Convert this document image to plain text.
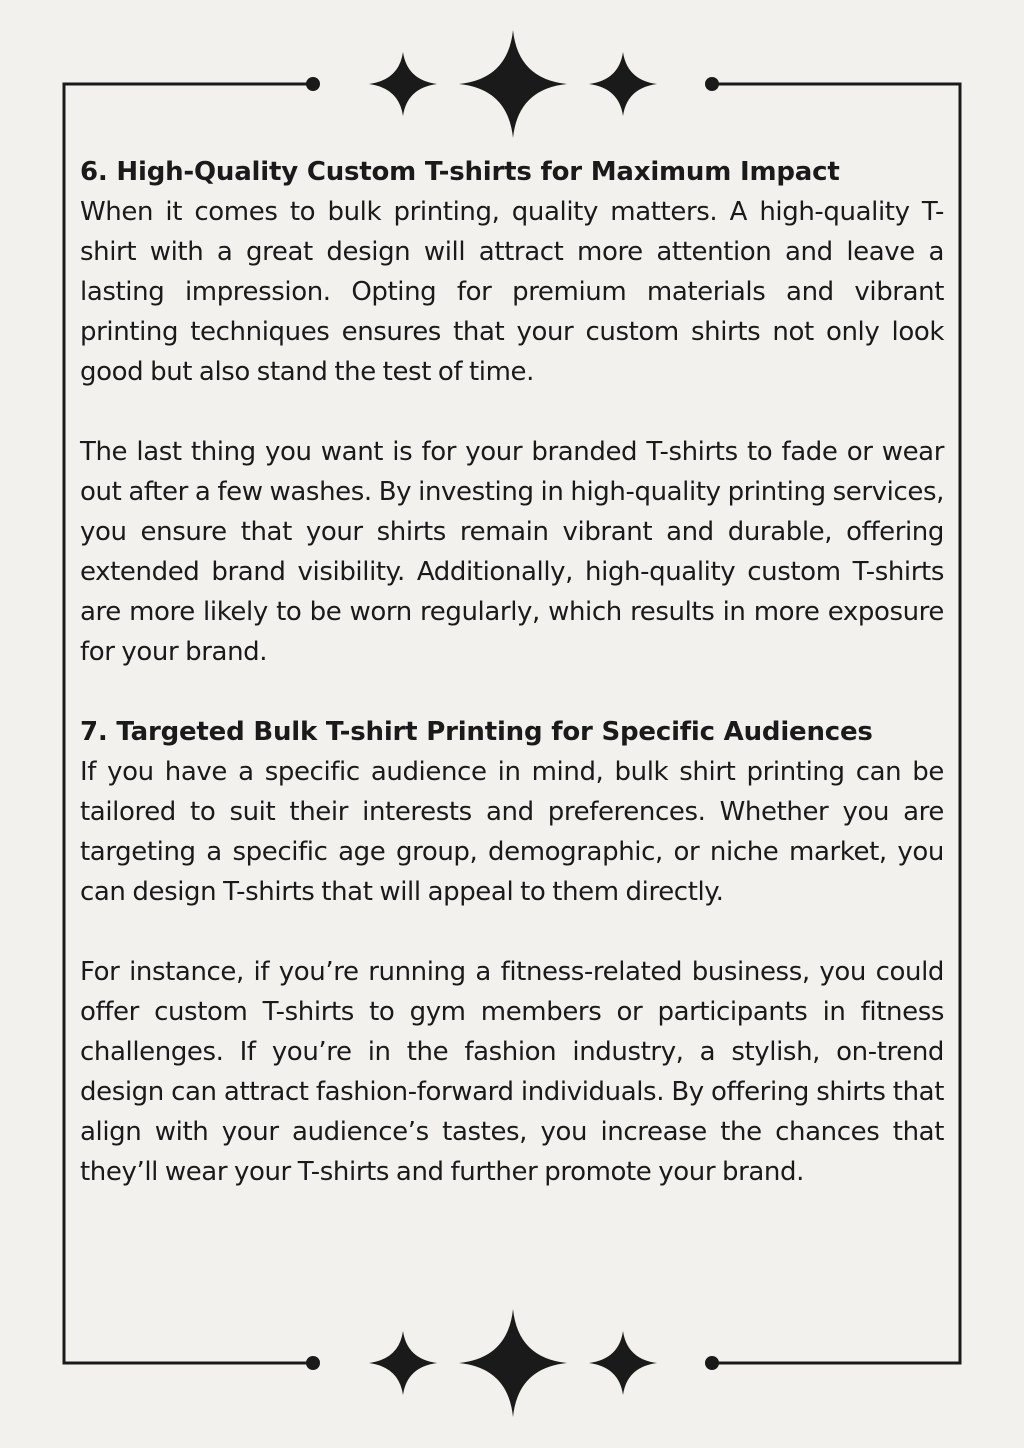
6. High-Quality Custom T-shirts for Maximum Impact

When it comes to bulk printing, quality matters. A high-quality T-shirt with a great design will attract more attention and leave a lasting impression. Opting for premium materials and vibrant printing techniques ensures that your custom shirts not only look good but also stand the test of time.

The last thing you want is for your branded T-shirts to fade or wear out after a few washes. By investing in high-quality printing services, you ensure that your shirts remain vibrant and durable, offering extended brand visibility. Additionally, high-quality custom T-shirts are more likely to be worn regularly, which results in more exposure for your brand.

7. Targeted Bulk T-shirt Printing for Specific Audiences

If you have a specific audience in mind, bulk shirt printing can be tailored to suit their interests and preferences. Whether you are targeting a specific age group, demographic, or niche market, you can design T-shirts that will appeal to them directly.

For instance, if you’re running a fitness-related business, you could offer custom T-shirts to gym members or participants in fitness challenges. If you’re in the fashion industry, a stylish, on-trend design can attract fashion-forward individuals. By offering shirts that align with your audience’s tastes, you increase the chances that they’ll wear your T-shirts and further promote your brand.
